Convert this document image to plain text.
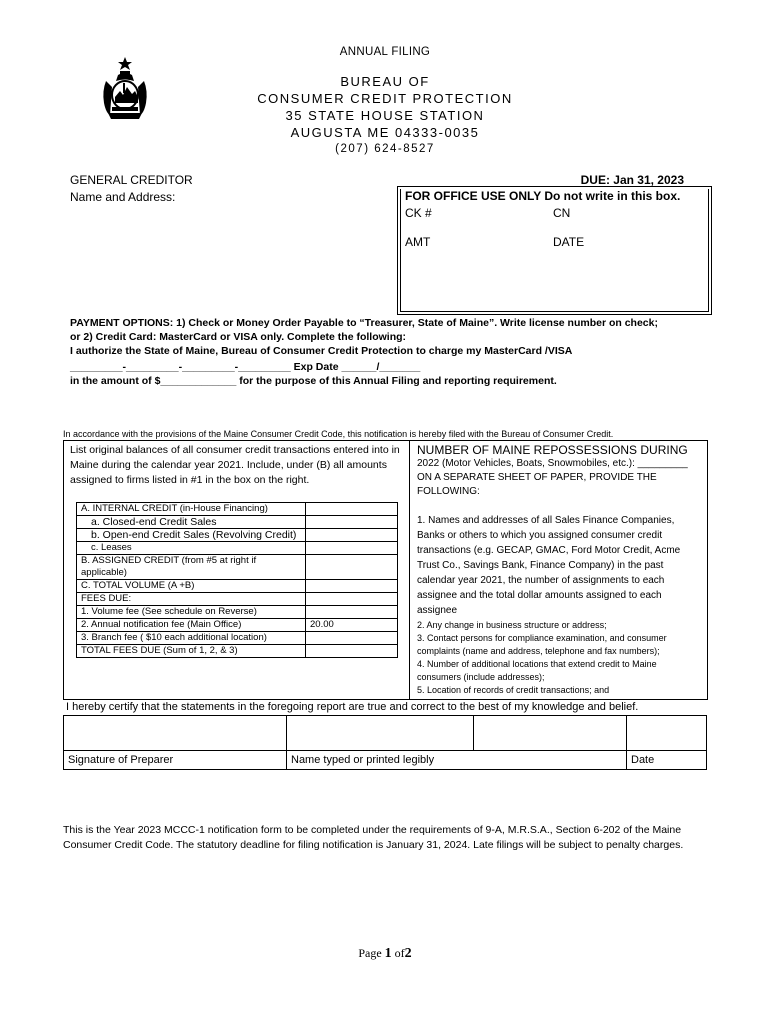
ANNUAL FILING
BUREAU OF
CONSUMER CREDIT PROTECTION
35 STATE HOUSE STATION
AUGUSTA ME 04333-0035
(207) 624-8527
GENERAL CREDITOR
Name and Address:
DUE: Jan 31, 2023
FOR OFFICE USE ONLY Do not write in this box.
CK #	CN
AMT	DATE
PAYMENT OPTIONS: 1) Check or Money Order Payable to “Treasurer, State of Maine”. Write license number on check;
or 2) Credit Card: MasterCard or VISA only. Complete the following:
I authorize the State of Maine, Bureau of Consumer Credit Protection to charge my MasterCard /VISA
_________-_________-_________-_________ Exp Date ______/_______
in the amount of $_____________ for the purpose of this Annual Filing and reporting requirement.
In accordance with the provisions of the Maine Consumer Credit Code, this notification is hereby filed with the Bureau of Consumer Credit.
List original balances of all consumer credit transactions entered into in Maine during the calendar year 2021. Include, under (B) all amounts assigned to firms listed in #1 in the box on the right.
A. INTERNAL CREDIT (in-House Financing)	
a. Closed-end Credit Sales	
b. Open-end Credit Sales (Revolving Credit)	
c. Leases	
B. ASSIGNED CREDIT (from #5 at right if applicable)	
C. TOTAL VOLUME (A +B)	
FEES DUE:	
1. Volume fee (See schedule on Reverse)	
2. Annual notification fee (Main Office)	20.00
3. Branch fee ( $10 each additional location)	
TOTAL FEES DUE (Sum of 1, 2, & 3)	
NUMBER OF MAINE REPOSSESSIONS DURING
2022 (Motor Vehicles, Boats, Snowmobiles, etc.): _________
ON A SEPARATE SHEET OF PAPER, PROVIDE THE
FOLLOWING:
1. Names and addresses of all Sales Finance Companies, Banks or others to which you assigned consumer credit transactions (e.g. GECAP, GMAC, Ford Motor Credit, Acme Trust Co., Savings Bank, Finance Company) in the past calendar year 2021, the number of assignments to each assignee and the total dollar amounts assigned to each assignee
2. Any change in business structure or address;
3. Contact persons for compliance examination, and consumer complaints (name and address, telephone and fax numbers);
4. Number of additional locations that extend credit to Maine consumers (include addresses);
5. Location of records of credit transactions; and
I hereby certify that the statements in the foregoing report are true and correct to the best of my knowledge and belief.

Signature of Preparer	Name typed or printed legibly		Date
This is the Year 2023 MCCC-1 notification form to be completed under the requirements of 9-A, M.R.S.A., Section 6-202 of the Maine
Consumer Credit Code. The statutory deadline for filing notification is January 31, 2024. Late filings will be subject to penalty charges.
Page 1 of2
